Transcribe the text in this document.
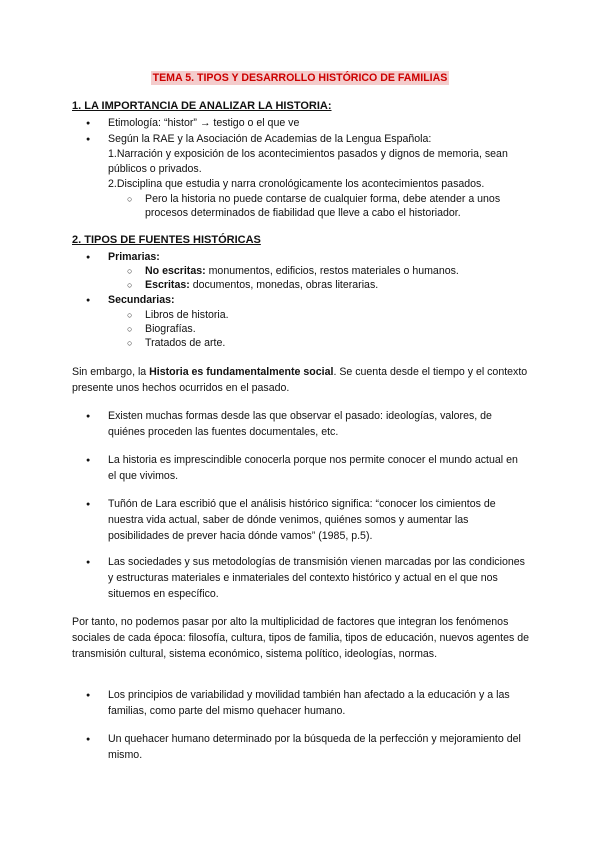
TEMA 5. TIPOS Y DESARROLLO HISTÓRICO DE FAMILIAS
1. LA IMPORTANCIA DE ANALIZAR LA HISTORIA:
● Etimología: “histor” → testigo o el que ve
● Según la RAE y la Asociación de Academias de la Lengua Española:
1.Narración y exposición de los acontecimientos pasados y dignos de memoria, sean
públicos o privados.
2.Disciplina que estudia y narra cronológicamente los acontecimientos pasados.
○ Pero la historia no puede contarse de cualquier forma, debe atender a unos
procesos determinados de fiabilidad que lleve a cabo el historiador.
2. TIPOS DE FUENTES HISTÓRICAS
● Primarias:
○ No escritas: monumentos, edificios, restos materiales o humanos.
○ Escritas: documentos, monedas, obras literarias.
● Secundarias:
○ Libros de historia.
○ Biografías.
○ Tratados de arte.
Sin embargo, la Historia es fundamentalmente social. Se cuenta desde el tiempo y el contexto presente unos hechos ocurridos en el pasado.
● Existen muchas formas desde las que observar el pasado: ideologías, valores, de quiénes proceden las fuentes documentales, etc.
● La historia es imprescindible conocerla porque nos permite conocer el mundo actual en el que vivimos.
● Tuñón de Lara escribió que el análisis histórico significa: “conocer los cimientos de nuestra vida actual, saber de dónde venimos, quiénes somos y aumentar las posibilidades de prever hacia dónde vamos” (1985, p.5).
● Las sociedades y sus metodologías de transmisión vienen marcadas por las condiciones y estructuras materiales e inmateriales del contexto histórico y actual en el que nos situemos en específico.
Por tanto, no podemos pasar por alto la multiplicidad de factores que integran los fenómenos sociales de cada época: filosofía, cultura, tipos de familia, tipos de educación, nuevos agentes de transmisión cultural, sistema económico, sistema político, ideologías, normas.
● Los principios de variabilidad y movilidad también han afectado a la educación y a las familias, como parte del mismo quehacer humano.
● Un quehacer humano determinado por la búsqueda de la perfección y mejoramiento del mismo.
